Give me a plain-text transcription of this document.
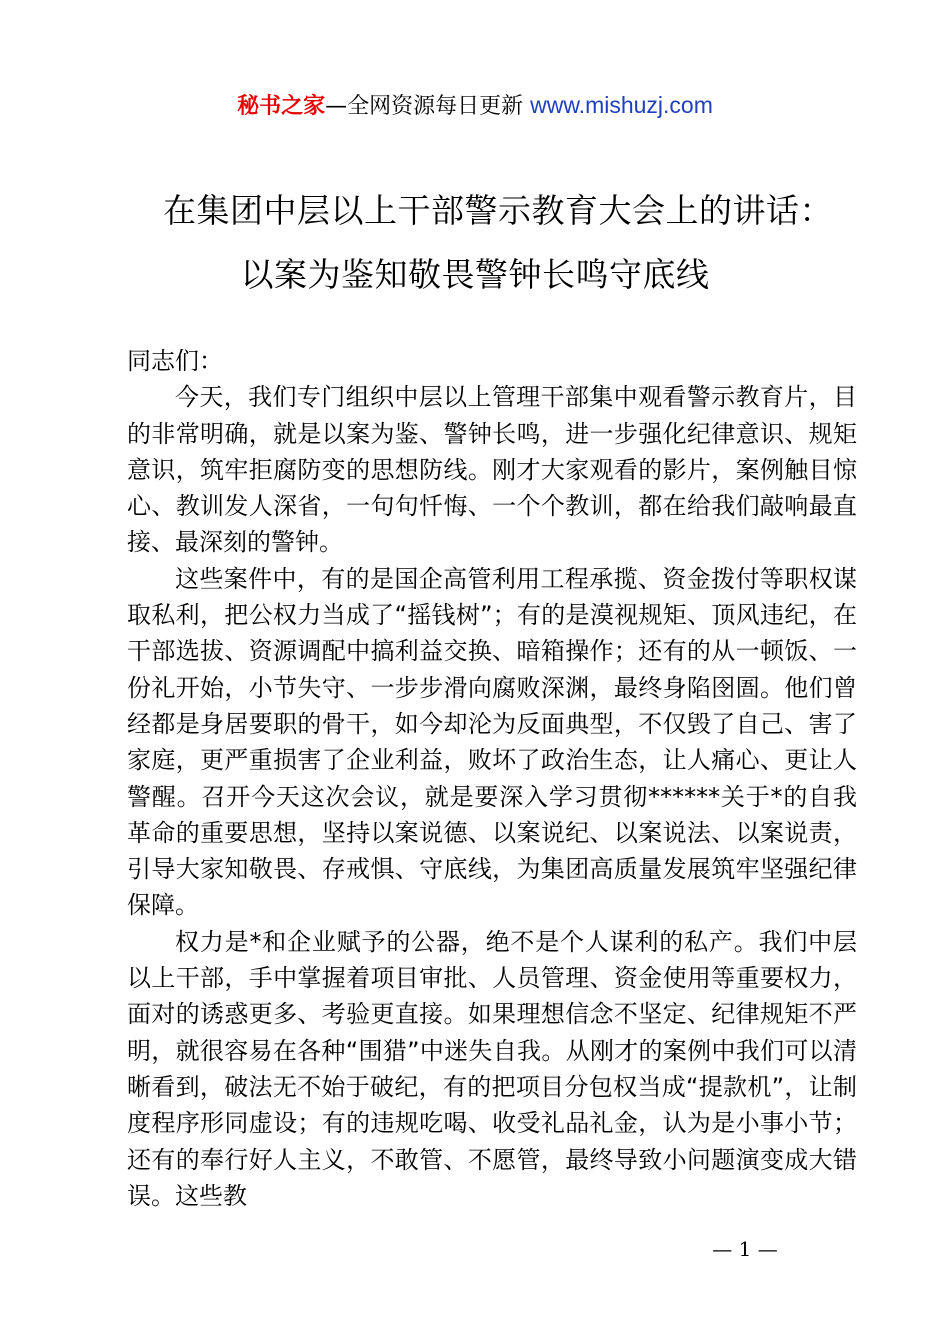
秘书之家—全网资源每日更新 www.mishuzj.com
在集团中层以上干部警示教育大会上的讲话：
以案为鉴知敬畏警钟长鸣守底线

同志们：

今天，我们专门组织中层以上管理干部集中观看警示教育片，目的非常明确，就是以案为鉴、警钟长鸣，进一步强化纪律意识、规矩意识，筑牢拒腐防变的思想防线。刚才大家观看的影片，案例触目惊心、教训发人深省，一句句忏悔、一个个教训，都在给我们敲响最直接、最深刻的警钟。

这些案件中，有的是国企高管利用工程承揽、资金拨付等职权谋取私利，把公权力当成了“摇钱树”；有的是漠视规矩、顶风违纪，在干部选拔、资源调配中搞利益交换、暗箱操作；还有的从一顿饭、一份礼开始，小节失守、一步步滑向腐败深渊，最终身陷囹圄。他们曾经都是身居要职的骨干，如今却沦为反面典型，不仅毁了自己、害了家庭，更严重损害了企业利益，败坏了政治生态，让人痛心、更让人警醒。召开今天这次会议，就是要深入学习贯彻******关于*的自我革命的重要思想，坚持以案说德、以案说纪、以案说法、以案说责，引导大家知敬畏、存戒惧、守底线，为集团高质量发展筑牢坚强纪律保障。

权力是*和企业赋予的公器，绝不是个人谋利的私产。我们中层以上干部，手中掌握着项目审批、人员管理、资金使用等重要权力，面对的诱惑更多、考验更直接。如果理想信念不坚定、纪律规矩不严明，就很容易在各种“围猎”中迷失自我。从刚才的案例中我们可以清晰看到，破法无不始于破纪，有的把项目分包权当成“提款机”，让制度程序形同虚设；有的违规吃喝、收受礼品礼金，认为是小事小节；还有的奉行好人主义，不敢管、不愿管，最终导致小问题演变成大错误。这些教

— 1 —
